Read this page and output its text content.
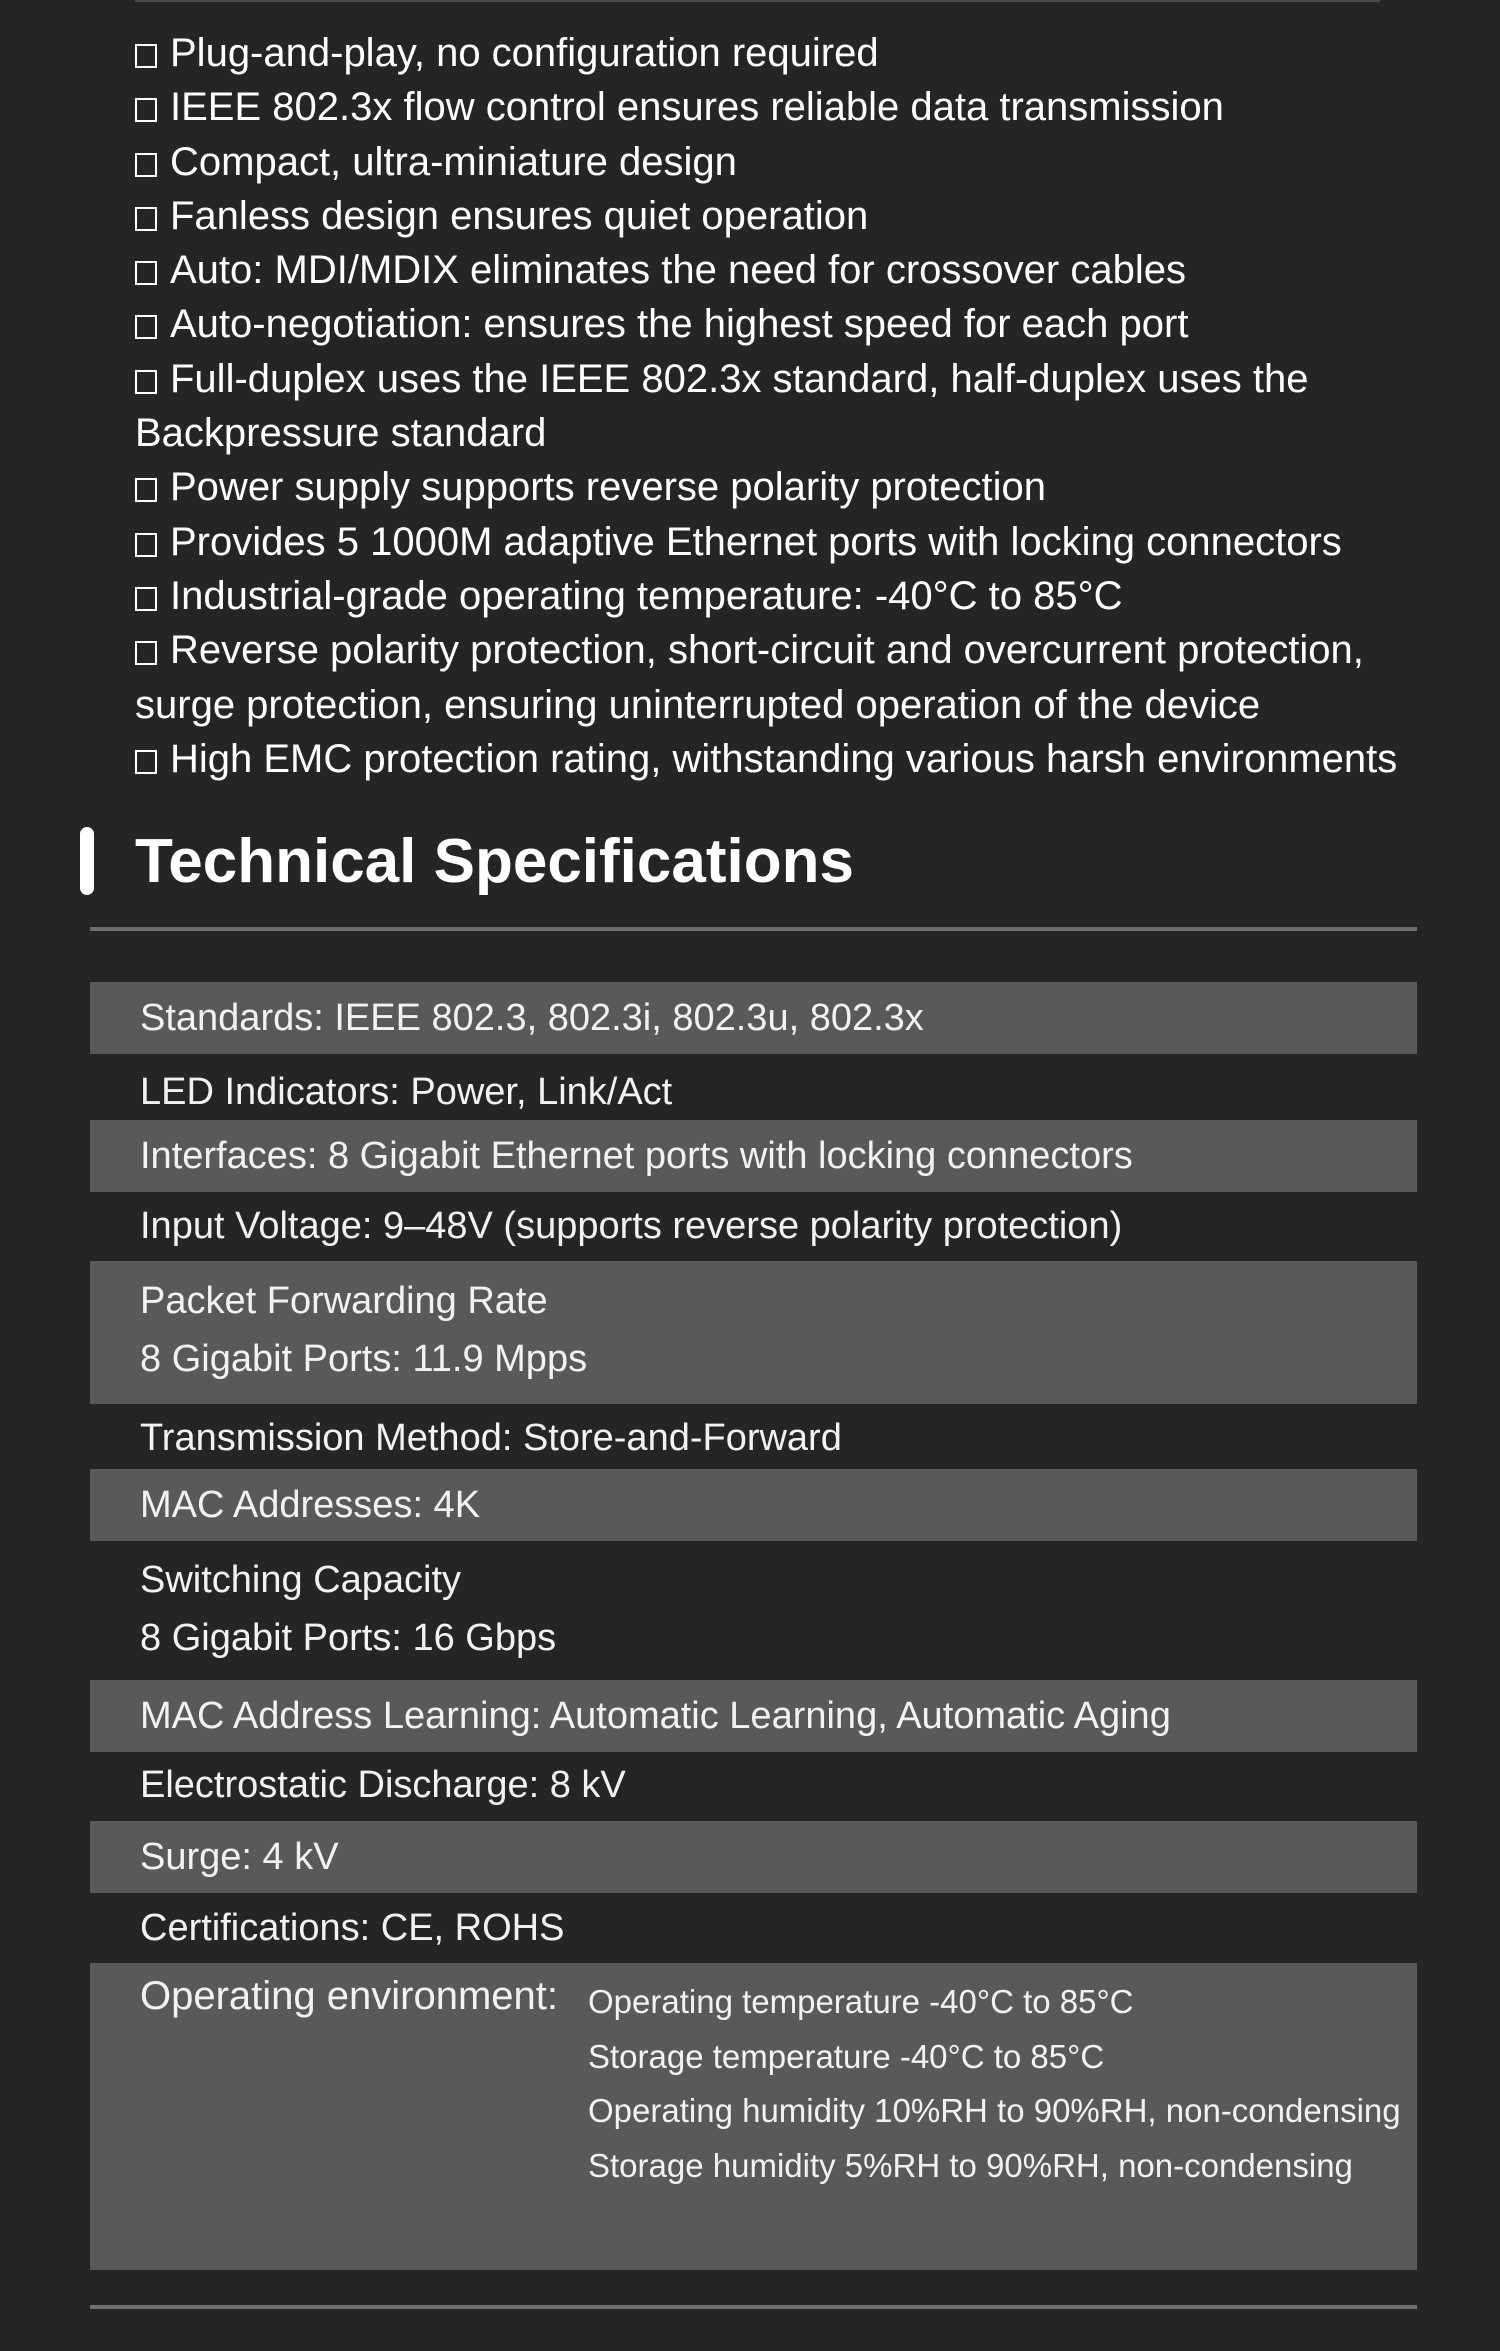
Plug-and-play, no configuration required
IEEE 802.3x flow control ensures reliable data transmission
Compact, ultra-miniature design
Fanless design ensures quiet operation
Auto: MDI/MDIX eliminates the need for crossover cables
Auto-negotiation: ensures the highest speed for each port
Full-duplex uses the IEEE 802.3x standard, half-duplex uses the
Backpressure standard
Power supply supports reverse polarity protection
Provides 5 1000M adaptive Ethernet ports with locking connectors
Industrial-grade operating temperature: -40°C to 85°C
Reverse polarity protection, short-circuit and overcurrent protection,
surge protection, ensuring uninterrupted operation of the device
High EMC protection rating, withstanding various harsh environments
Technical Specifications
Standards: IEEE 802.3, 802.3i, 802.3u, 802.3x
LED Indicators: Power, Link/Act
Interfaces: 8 Gigabit Ethernet ports with locking connectors
Input Voltage: 9–48V (supports reverse polarity protection)
Packet Forwarding Rate
8 Gigabit Ports: 11.9 Mpps
Transmission Method: Store-and-Forward
MAC Addresses: 4K
Switching Capacity
8 Gigabit Ports: 16 Gbps
MAC Address Learning: Automatic Learning, Automatic Aging
Electrostatic Discharge: 8 kV
Surge: 4 kV
Certifications: CE, ROHS
Operating environment: Operating temperature -40°C to 85°C
Storage temperature -40°C to 85°C
Operating humidity 10%RH to 90%RH, non-condensing
Storage humidity 5%RH to 90%RH, non-condensing
